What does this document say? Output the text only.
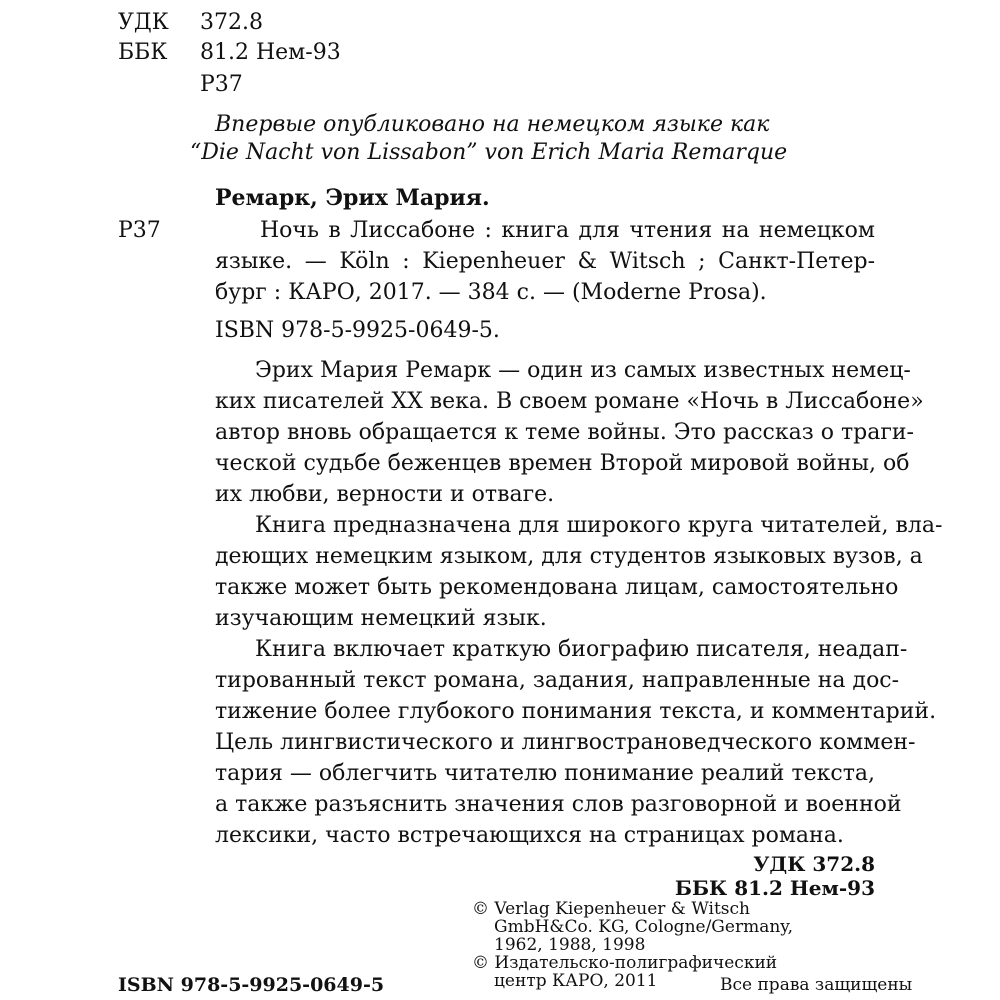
УДК 372.8
ББК 81.2 Нем-93
Р37
Впервые опубликовано на немецком языке как
“Die Nacht von Lissabon” von Erich Maria Remarque
Ремарк, Эрих Мария.
Р37	Ночь в Лиссабоне : книга для чтения на немецком
языке. — Köln : Kiepenheuer & Witsch ; Санкт-Петер-
бург : КАРО, 2017. — 384 с. — (Moderne Prosa).
ISBN 978-5-9925-0649-5.
Эрих Мария Ремарк — один из самых известных немец-
ких писателей XX века. В своем романе «Ночь в Лиссабоне»
автор вновь обращается к теме войны. Это рассказ о траги-
ческой судьбе беженцев времен Второй мировой войны, об
их любви, верности и отваге.
Книга предназначена для широкого круга читателей, вла-
деющих немецким языком, для студентов языковых вузов, а
также может быть рекомендована лицам, самостоятельно
изучающим немецкий язык.
Книга включает краткую биографию писателя, неадап-
тированный текст романа, задания, направленные на дос-
тижение более глубокого понимания текста, и комментарий.
Цель лингвистического и лингвострановедческого коммен-
тария — облегчить читателю понимание реалий текста,
а также разъяснить значения слов разговорной и военной
лексики, часто встречающихся на страницах романа.
УДК 372.8
ББК 81.2 Нем-93
© Verlag Kiepenheuer & Witsch
GmbH&Co. KG, Cologne/Germany,
1962, 1988, 1998
© Издательско-полиграфический
центр КАРО, 2011
ISBN 978-5-9925-0649-5	Все права защищены
